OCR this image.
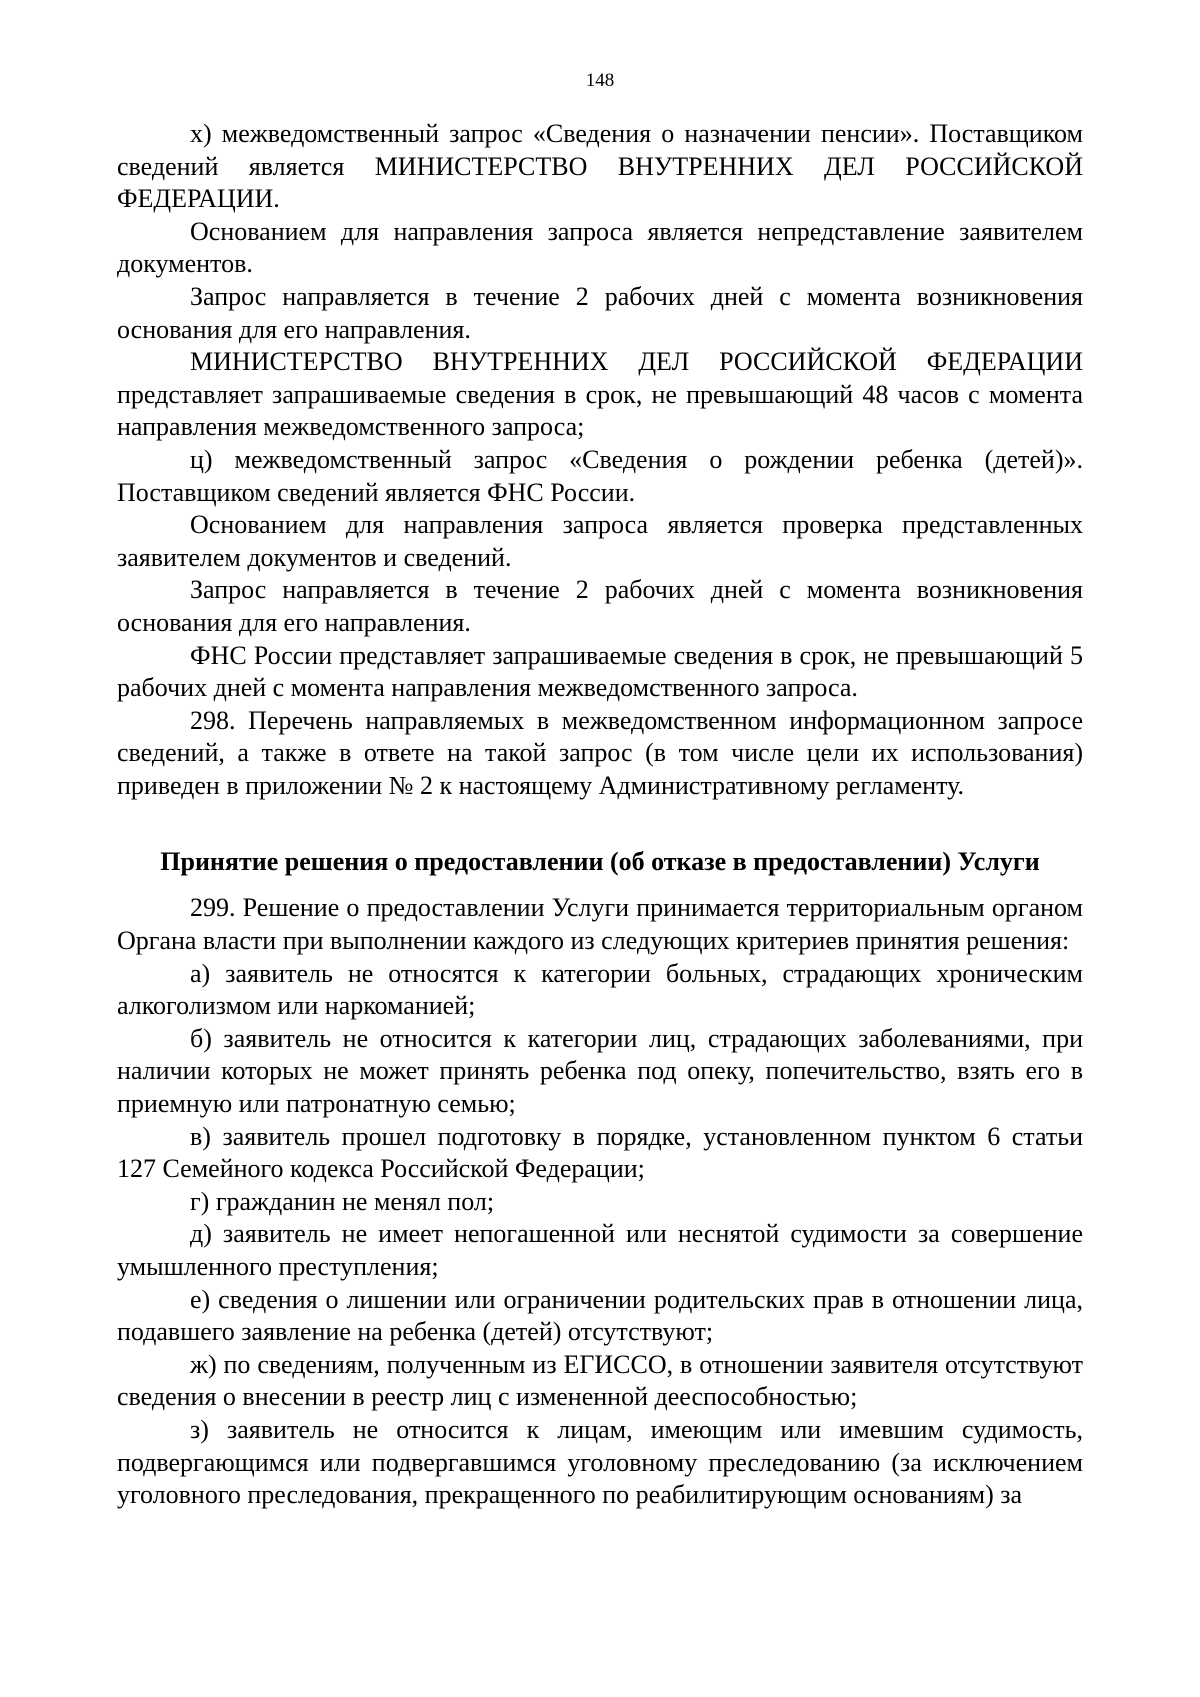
148

х) межведомственный запрос «Сведения о назначении пенсии». Поставщиком сведений является МИНИСТЕРСТВО ВНУТРЕННИХ ДЕЛ РОССИЙСКОЙ ФЕДЕРАЦИИ.

Основанием для направления запроса является непредставление заявителем документов.

Запрос направляется в течение 2 рабочих дней с момента возникновения основания для его направления.

МИНИСТЕРСТВО ВНУТРЕННИХ ДЕЛ РОССИЙСКОЙ ФЕДЕРАЦИИ представляет запрашиваемые сведения в срок, не превышающий 48 часов с момента направления межведомственного запроса;

ц) межведомственный запрос «Сведения о рождении ребенка (детей)». Поставщиком сведений является ФНС России.

Основанием для направления запроса является проверка представленных заявителем документов и сведений.

Запрос направляется в течение 2 рабочих дней с момента возникновения основания для его направления.

ФНС России представляет запрашиваемые сведения в срок, не превышающий 5 рабочих дней с момента направления межведомственного запроса.

298. Перечень направляемых в межведомственном информационном запросе сведений, а также в ответе на такой запрос (в том числе цели их использования) приведен в приложении № 2 к настоящему Административному регламенту.

Принятие решения о предоставлении (об отказе в предоставлении) Услуги

299. Решение о предоставлении Услуги принимается территориальным органом Органа власти при выполнении каждого из следующих критериев принятия решения:

а) заявитель не относятся к категории больных, страдающих хроническим алкоголизмом или наркоманией;

б) заявитель не относится к категории лиц, страдающих заболеваниями, при наличии которых не может принять ребенка под опеку, попечительство, взять его в приемную или патронатную семью;

в) заявитель прошел подготовку в порядке, установленном пунктом 6 статьи 127 Семейного кодекса Российской Федерации;

г) гражданин не менял пол;

д) заявитель не имеет непогашенной или неснятой судимости за совершение умышленного преступления;

е) сведения о лишении или ограничении родительских прав в отношении лица, подавшего заявление на ребенка (детей) отсутствуют;

ж) по сведениям, полученным из ЕГИССО, в отношении заявителя отсутствуют сведения о внесении в реестр лиц с измененной дееспособностью;

з) заявитель не относится к лицам, имеющим или имевшим судимость, подвергающимся или подвергавшимся уголовному преследованию (за исключением уголовного преследования, прекращенного по реабилитирующим основаниям) за
